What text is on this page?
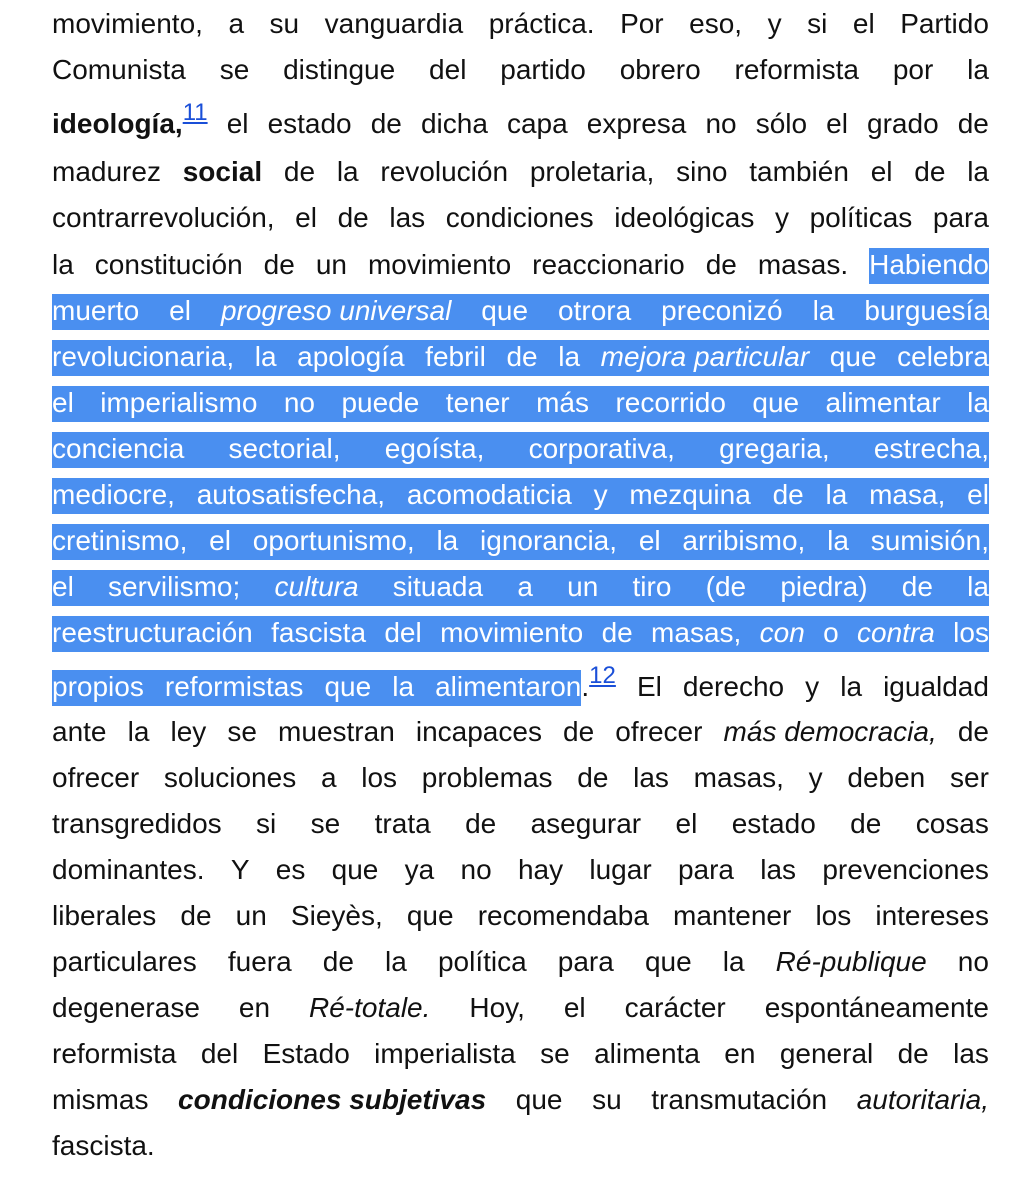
movimiento, a su vanguardia práctica. Por eso, y si el Partido
Comunista se distingue del partido obrero reformista por la
ideología,11 el estado de dicha capa expresa no sólo el grado de
madurez social de la revolución proletaria, sino también el de la
contrarrevolución, el de las condiciones ideológicas y políticas para
la constitución de un movimiento reaccionario de masas. Habiendo
muerto el progreso universal que otrora preconizó la burguesía
revolucionaria, la apología febril de la mejora particular que celebra
el imperialismo no puede tener más recorrido que alimentar la
conciencia sectorial, egoísta, corporativa, gregaria, estrecha,
mediocre, autosatisfecha, acomodaticia y mezquina de la masa, el
cretinismo, el oportunismo, la ignorancia, el arribismo, la sumisión,
el servilismo; cultura situada a un tiro (de piedra) de la
reestructuración fascista del movimiento de masas, con o contra los
propios reformistas que la alimentaron.12 El derecho y la igualdad
ante la ley se muestran incapaces de ofrecer más democracia, de
ofrecer soluciones a los problemas de las masas, y deben ser
transgredidos si se trata de asegurar el estado de cosas
dominantes. Y es que ya no hay lugar para las prevenciones
liberales de un Sieyès, que recomendaba mantener los intereses
particulares fuera de la política para que la Ré-publique no
degenerase en Ré-totale. Hoy, el carácter espontáneamente
reformista del Estado imperialista se alimenta en general de las
mismas condiciones subjetivas que su transmutación autoritaria,
fascista.
